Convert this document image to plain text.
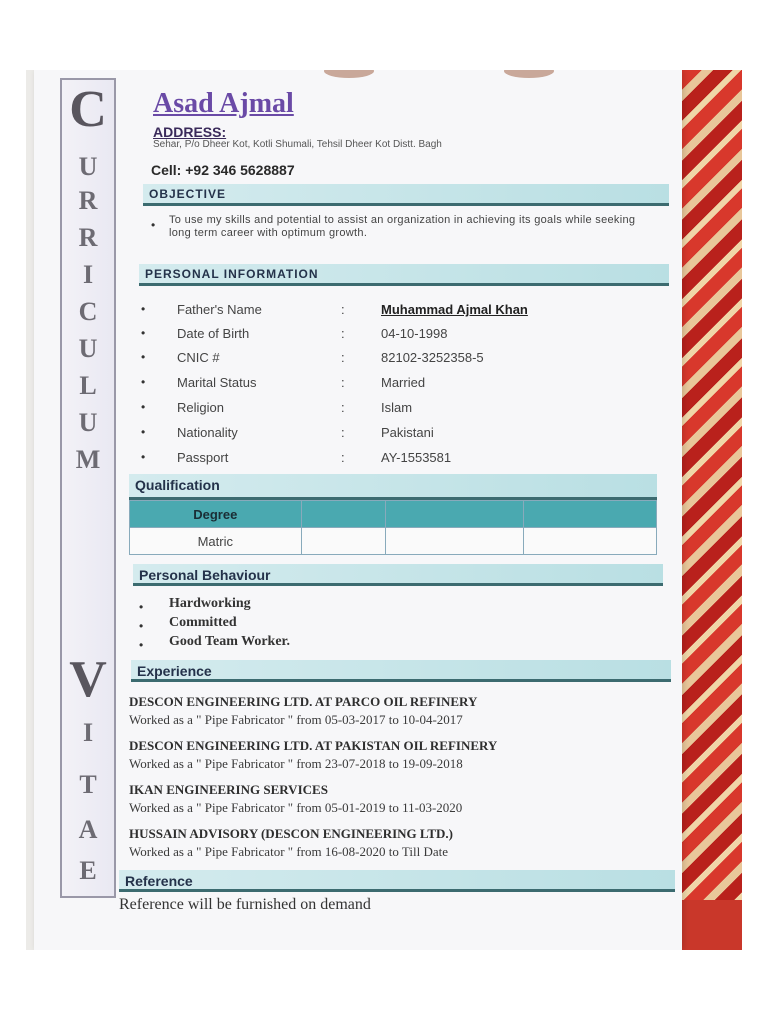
C
U
R
R
I
C
U
L
U
M
V
I
T
A
E
Asad Ajmal
ADDRESS:
Sehar, P/o Dheer Kot, Kotli Shumali, Tehsil Dheer Kot Distt. Bagh
Cell: +92 346 5628887
OBJECTIVE
• To use my skills and potential to assist an organization in achieving its goals while seeking long term career with optimum growth.
PERSONAL INFORMATION
• Father's Name	:	Muhammad Ajmal Khan
• Date of Birth	:	04-10-1998
• CNIC #	:	82102-3252358-5
• Marital Status	:	Married
• Religion	:	Islam
• Nationality	:	Pakistani
• Passport	:	AY-1553581
Qualification
Degree			
Matric			
Personal Behaviour
• Hardworking
• Committed
• Good Team Worker.
Experience
DESCON ENGINEERING LTD. AT PARCO OIL REFINERY
Worked as a " Pipe Fabricator " from 05-03-2017 to 10-04-2017
DESCON ENGINEERING LTD. AT PAKISTAN OIL REFINERY
Worked as a " Pipe Fabricator " from 23-07-2018 to 19-09-2018
IKAN ENGINEERING SERVICES
Worked as a " Pipe Fabricator " from 05-01-2019 to 11-03-2020
HUSSAIN ADVISORY (DESCON ENGINEERING LTD.)
Worked as a " Pipe Fabricator " from 16-08-2020 to Till Date
Reference
Reference will be furnished on demand
